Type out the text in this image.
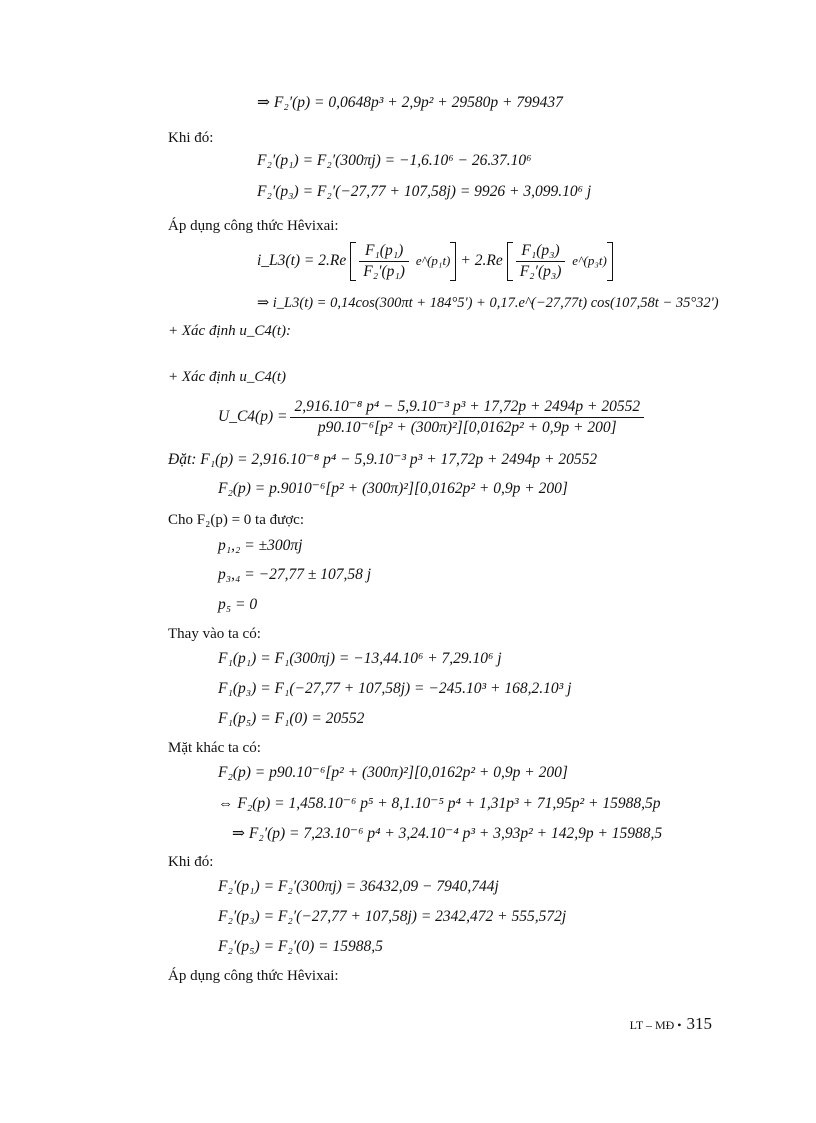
⇒ F₂′(p) = 0,0648p³ + 2,9p² + 29580p + 799437
Khi đó:
F₂′(p₁) = F₂′(300πj) = −1,6.10⁶ − 26.37.10⁶
F₂′(p₃) = F₂′(−27,77 + 107,58j) = 9926 + 3,099.10⁶ j
Áp dụng công thức Hêvixai:
i_L3(t) = $2.Re \frac{\text{F₁(p₁)}}{\text{F₂′(p₁)}}$ e^(p₁t) + $2.Re \frac{\text{F₁(p₃)}}{\text{F₂′(p₃)}}$ e^(p₃t)
⇒ i_L3(t) = 0,14cos(300πt + 184°5') + 0,17.e^(−27,77t) cos(107,58t − 35°32')
+ Xác định u_C4(t):
+ Xác định u_C4(t)
U_C4(p) = $\frac{\text{2,916.10⁻⁸ p⁴ − 5,9.10⁻³ p³ + 17,72p + 2494p + 20552}}{\text{p90.10⁻⁶[p² + (300π)²][0,0162p² + 0,9p + 200]}}$
Đặt: F₁(p) = 2,916.10⁻⁸ p⁴ − 5,9.10⁻³ p³ + 17,72p + 2494p + 20552
F₂(p) = p.9010⁻⁶[p² + (300π)²][0,0162p² + 0,9p + 200]
Cho F₂(p) = 0 ta được:
p₁,₂ = ±300πj
p₃,₄ = −27,77 ± 107,58 j
p₅ = 0
Thay vào ta có:
F₁(p₁) = F₁(300πj) = −13,44.10⁶ + 7,29.10⁶ j
F₁(p₃) = F₁(−27,77 + 107,58j) = −245.10³ + 168,2.10³ j
F₁(p₅) = F₁(0) = 20552
Mặt khác ta có:
F₂(p) = p90.10⁻⁶[p² + (300π)²][0,0162p² + 0,9p + 200]
⇔ F₂(p) = 1,458.10⁻⁶ p⁵ + 8,1.10⁻⁵ p⁴ + 1,31p³ + 71,95p² + 15988,5p
⇒ F₂′(p) = 7,23.10⁻⁶ p⁴ + 3,24.10⁻⁴ p³ + 3,93p² + 142,9p + 15988,5
Khi đó:
F₂′(p₁) = F₂′(300πj) = 36432,09 − 7940,744j
F₂′(p₃) = F₂′(−27,77 + 107,58j) = 2342,472 + 555,572j
F₂′(p₅) = F₂′(0) = 15988,5
Áp dụng công thức Hêvixai:
LT – MĐ • 315
